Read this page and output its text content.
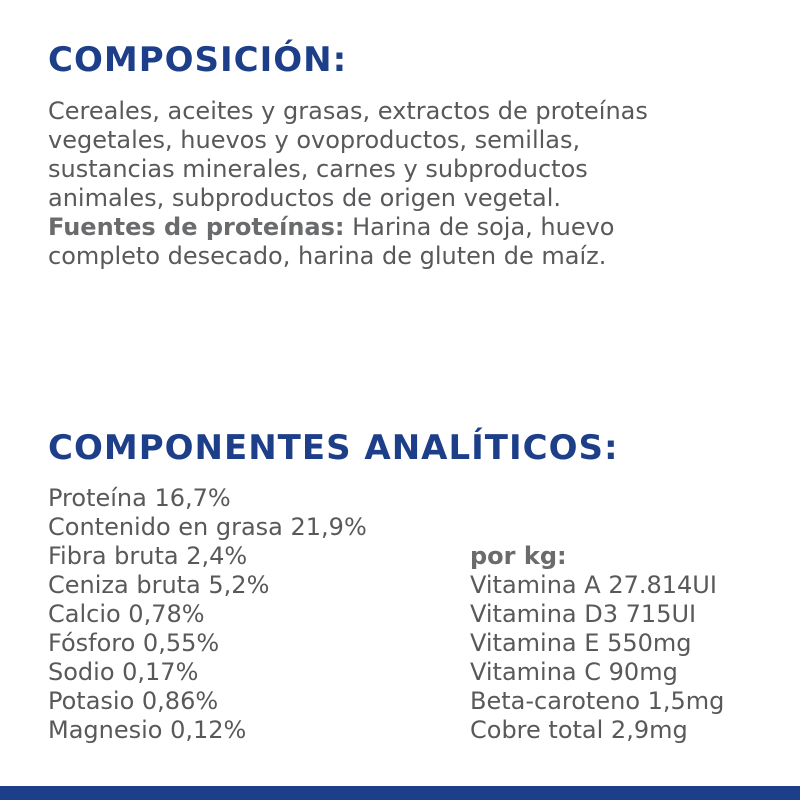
COMPOSICIÓN:
Cereales, aceites y grasas, extractos de proteínas
vegetales, huevos y ovoproductos, semillas,
sustancias minerales, carnes y subproductos
animales, subproductos de origen vegetal.
Fuentes de proteínas: Harina de soja, huevo
completo desecado, harina de gluten de maíz.
COMPONENTES ANALÍTICOS:
Proteína 16,7%
Contenido en grasa 21,9%
Fibra bruta 2,4%
Ceniza bruta 5,2%
Calcio 0,78%
Fósforo 0,55%
Sodio 0,17%
Potasio 0,86%
Magnesio 0,12%
por kg:
Vitamina A 27.814UI
Vitamina D3 715UI
Vitamina E 550mg
Vitamina C 90mg
Beta-caroteno 1,5mg
Cobre total 2,9mg
